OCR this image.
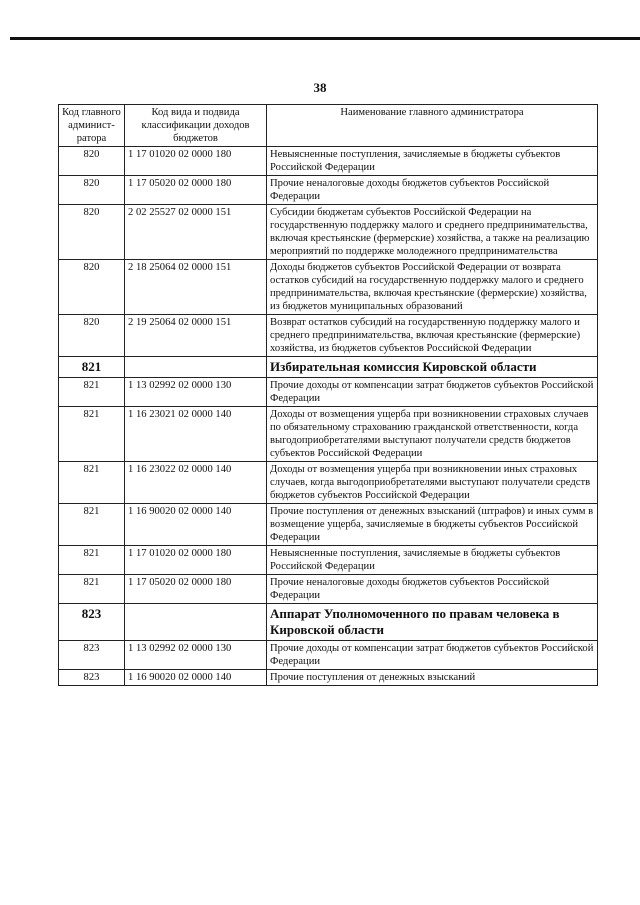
38
Код главного админист-ратора	Код вида и подвида классификации доходов бюджетов	Наименование главного администратора
820	1 17 01020 02 0000 180	Невыясненные поступления, зачисляемые в бюджеты субъектов Российской Федерации
820	1 17 05020 02 0000 180	Прочие неналоговые доходы бюджетов субъектов Российской Федерации
820	2 02 25527 02 0000 151	Субсидии бюджетам субъектов Российской Федерации на государственную поддержку малого и среднего предпринимательства, включая крестьянские (фермерские) хозяйства, а также на реализацию мероприятий по поддержке молодежного предпринимательства
820	2 18 25064 02 0000 151	Доходы бюджетов субъектов Российской Федерации от возврата остатков субсидий на государственную поддержку малого и среднего предпринимательства, включая крестьянские (фермерские) хозяйства, из бюджетов муниципальных образований
820	2 19 25064 02 0000 151	Возврат остатков субсидий на государственную поддержку малого и среднего предпринимательства, включая крестьянские (фермерские) хозяйства, из бюджетов субъектов Российской Федерации
821		Избирательная комиссия Кировской области
821	1 13 02992 02 0000 130	Прочие доходы от компенсации затрат бюджетов субъектов Российской Федерации
821	1 16 23021 02 0000 140	Доходы от возмещения ущерба при возникновении страховых случаев по обязательному страхованию гражданской ответственности, когда выгодоприобретателями выступают получатели средств бюджетов субъектов Российской Федерации
821	1 16 23022 02 0000 140	Доходы от возмещения ущерба при возникновении иных страховых случаев, когда выгодоприобретателями выступают получатели средств бюджетов субъектов Российской Федерации
821	1 16 90020 02 0000 140	Прочие поступления от денежных взысканий (штрафов) и иных сумм в возмещение ущерба, зачисляемые в бюджеты субъектов Российской Федерации
821	1 17 01020 02 0000 180	Невыясненные поступления, зачисляемые в бюджеты субъектов Российской Федерации
821	1 17 05020 02 0000 180	Прочие неналоговые доходы бюджетов субъектов Российской Федерации
823		Аппарат Уполномоченного по правам человека в Кировской области
823	1 13 02992 02 0000 130	Прочие доходы от компенсации затрат бюджетов субъектов Российской Федерации
823	1 16 90020 02 0000 140	Прочие поступления от денежных взысканий
